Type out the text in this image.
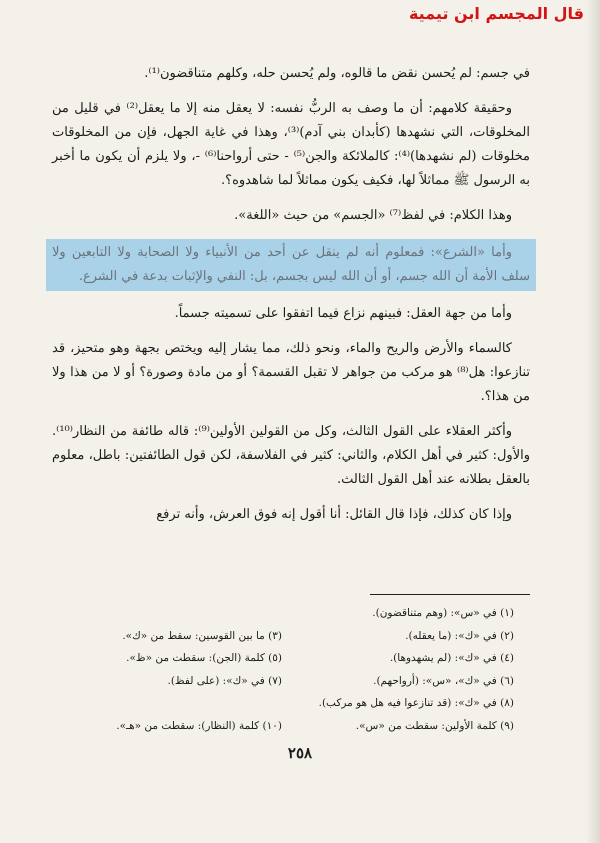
قال المجسم ابن تيمية

في جسم: لم يُحسن نقض ما قالوه، ولم يُحسن حله، وكلهم متناقضون⁽¹⁾.

وحقيقة كلامهم: أن ما وصف به الربُّ نفسه: لا يعقل منه إلا ما يعقل⁽²⁾ في قليل من المخلوقات، التي نشهدها (كأبدان بني آدم)⁽³⁾، وهذا في غاية الجهل، فإن من المخلوقات مخلوقات (لم نشهدها)⁽⁴⁾: كالملائكة والجن⁽⁵⁾ - حتى أرواحنا⁽⁶⁾ -، ولا يلزم أن يكون ما أخبر به الرسول ﷺ مماثلاً لها، فكيف يكون مماثلاً لما شاهدوه؟.

وهذا الكلام: في لفظ⁽⁷⁾ «الجسم» من حيث «اللغة».

وأما «الشرع»: فمعلوم أنه لم ينقل عن أحد من الأنبياء ولا الصحابة ولا التابعين ولا سلف الأمة أن الله جسم، أو أن الله ليس بجسم، بل: النفي والإثبات بدعة في الشرع.

وأما من جهة العقل: فبينهم نزاع فيما اتفقوا على تسميته جسماً.

كالسماء والأرض والريح والماء، ونحو ذلك، مما يشار إليه ويختص بجهة وهو متحيز، قد تنازعوا: هل⁽⁸⁾ هو مركب من جواهر لا تقبل القسمة؟ أو من مادة وصورة؟ أو لا من هذا ولا من هذا؟.

وأكثر العقلاء على القول الثالث، وكل من القولين الأولين⁽⁹⁾: قاله طائفة من النظار⁽¹⁰⁾. والأول: كثير في أهل الكلام، والثاني: كثير في الفلاسفة، لكن قول الطائفتين: باطل، معلوم بالعقل بطلانه عند أهل القول الثالث.

وإذا كان كذلك، فإذا قال القائل: أنا أقول إنه فوق العرش، وأنه ترفع

(١) في «س»: (وهم متناقضون).
(٢) في «ك»: (ما يعقله).
(٣) ما بين القوسين: سقط من «ك».
(٤) في «ك»: (لم يشهدوها).
(٥) كلمة (الجن): سقطت من «ظ».
(٦) في «ك»، «س»: (أرواحهم).
(٧) في «ك»: (على لفظ).
(٨) في «ك»: (قد تنازعوا فيه هل هو مركب).
(٩) كلمة الأولين: سقطت من «س».
(١٠) كلمة (النظار): سقطت من «هـ».
٢٥٨
